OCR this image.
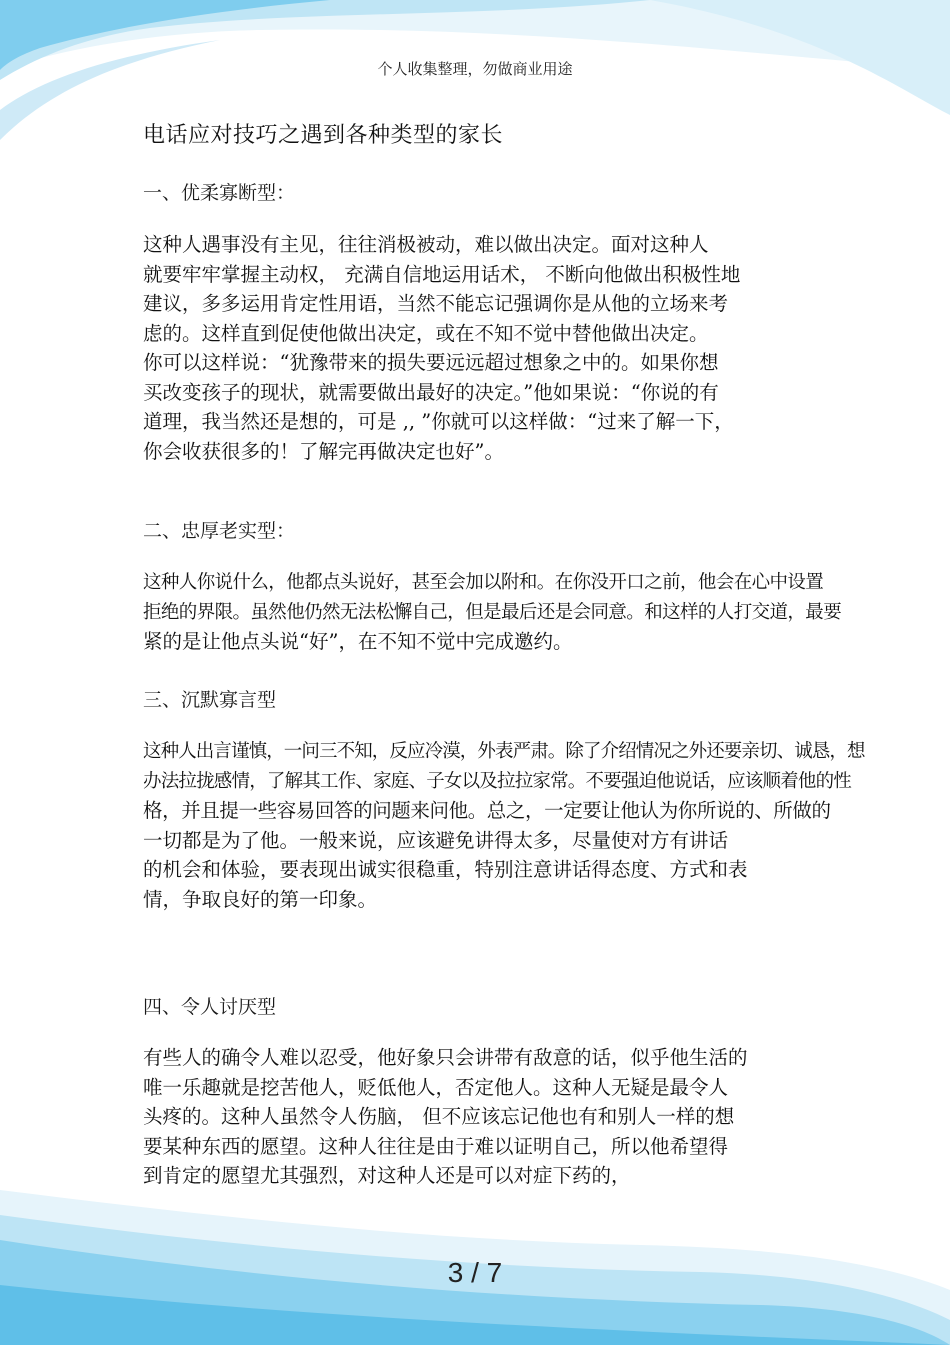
个人收集整理，勿做商业用途
电话应对技巧之遇到各种类型的家长
一、优柔寡断型：
这种人遇事没有主见，往往消极被动，难以做出决定。面对这种人
就要牢牢掌握主动权， 充满自信地运用话术， 不断向他做出积极性地
建议，多多运用肯定性用语，当然不能忘记强调你是从他的立场来考
虑的。这样直到促使他做出决定，或在不知不觉中替他做出决定。
你可以这样说：“犹豫带来的损失要远远超过想象之中的。如果你想
买改变孩子的现状，就需要做出最好的决定。”他如果说：“你说的有
道理，我当然还是想的，可是 ,, ”你就可以这样做：“过来了解一下，
你会收获很多的！了解完再做决定也好”。
二、忠厚老实型：
这种人你说什么，他都点头说好，甚至会加以附和。在你没开口之前，他会在心中设置
拒绝的界限。虽然他仍然无法松懈自己，但是最后还是会同意。和这样的人打交道，最要
紧的是让他点头说“好”，在不知不觉中完成邀约。
三、沉默寡言型
这种人出言谨慎，一问三不知，反应冷漠，外表严肃。除了介绍情况之外还要亲切、诚恳，想
办法拉拢感情，了解其工作、家庭、子女以及拉拉家常。不要强迫他说话，应该顺着他的性
格，并且提一些容易回答的问题来问他。总之，一定要让他认为你所说的、所做的
一切都是为了他。一般来说，应该避免讲得太多，尽量使对方有讲话
的机会和体验，要表现出诚实很稳重，特别注意讲话得态度、方式和表
情，争取良好的第一印象。
四、令人讨厌型
有些人的确令人难以忍受，他好象只会讲带有敌意的话，似乎他生活的
唯一乐趣就是挖苦他人，贬低他人，否定他人。这种人无疑是最令人
头疼的。这种人虽然令人伤脑， 但不应该忘记他也有和别人一样的想
要某种东西的愿望。这种人往往是由于难以证明自己，所以他希望得
到肯定的愿望尤其强烈，对这种人还是可以对症下药的，
3 / 7
